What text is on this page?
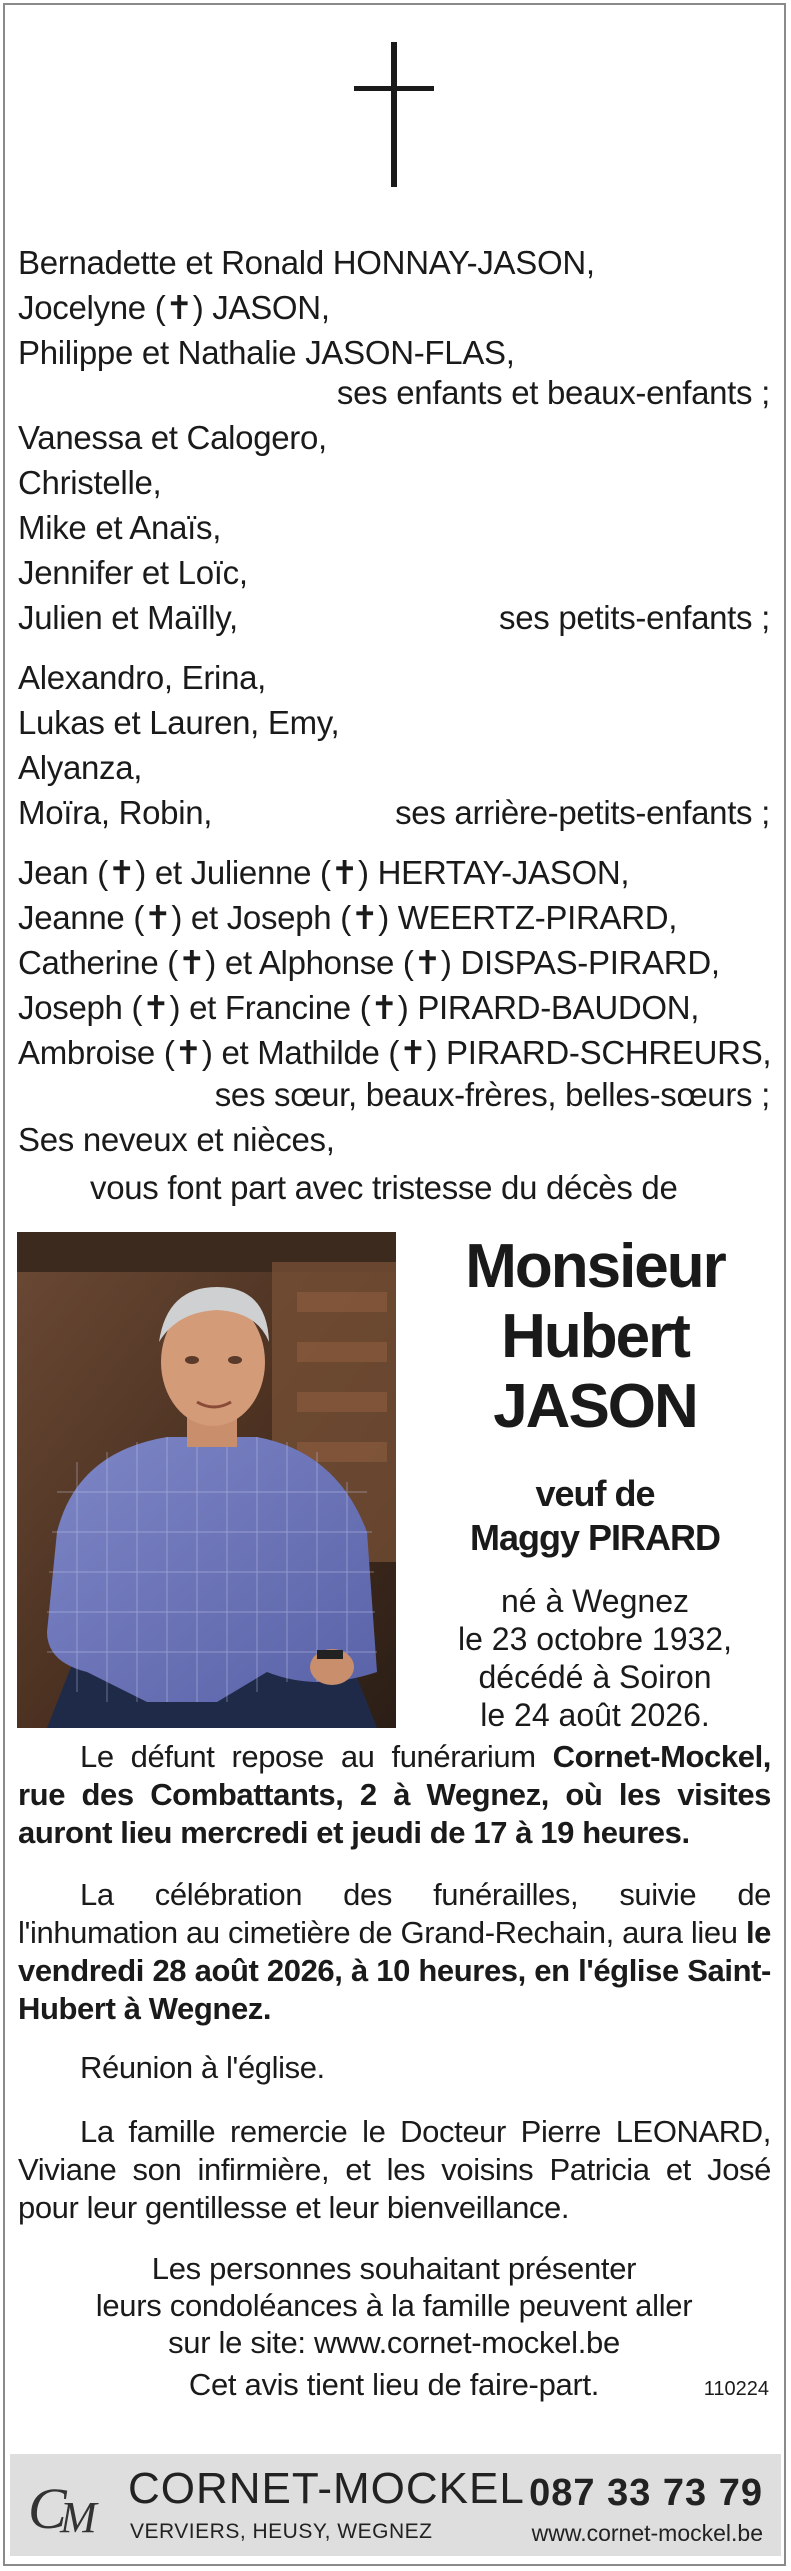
Bernadette et Ronald HONNAY-JASON,
Jocelyne (✝) JASON,
Philippe et Nathalie JASON-FLAS,
ses enfants et beaux-enfants ;
Vanessa et Calogero,
Christelle,
Mike et Anaïs,
Jennifer et Loïc,
Julien et Maïlly,	ses petits-enfants ;
Alexandro, Erina,
Lukas et Lauren, Emy,
Alyanza,
Moïra, Robin,	ses arrière-petits-enfants ;
Jean (✝) et Julienne (✝) HERTAY-JASON,
Jeanne (✝) et Joseph (✝) WEERTZ-PIRARD,
Catherine (✝) et Alphonse (✝) DISPAS-PIRARD,
Joseph (✝) et Francine (✝) PIRARD-BAUDON,
Ambroise (✝) et Mathilde (✝) PIRARD-SCHREURS,
ses sœur, beaux-frères, belles-sœurs ;
Ses neveux et nièces,
vous font part avec tristesse du décès de
Monsieur
Hubert
JASON
veuf de
Maggy PIRARD
né à Wegnez
le 23 octobre 1932,
décédé à Soiron
le 24 août 2026.
Le défunt repose au funérarium Cornet-Mockel, rue des Combattants, 2 à Wegnez, où les visites auront lieu mercredi et jeudi de 17 à 19 heures.
La célébration des funérailles, suivie de l'inhumation au cimetière de Grand-Rechain, aura lieu le vendredi 28 août 2026, à 10 heures, en l'église Saint-Hubert à Wegnez.
Réunion à l'église.
La famille remercie le Docteur Pierre LEONARD, Viviane son infirmière, et les voisins Patricia et José pour leur gentillesse et leur bienveillance.
Les personnes souhaitant présenter
leurs condoléances à la famille peuvent aller
sur le site: www.cornet-mockel.be
Cet avis tient lieu de faire-part.	110224
C
M
CORNET-MOCKEL
VERVIERS, HEUSY, WEGNEZ
087 33 73 79
www.cornet-mockel.be
